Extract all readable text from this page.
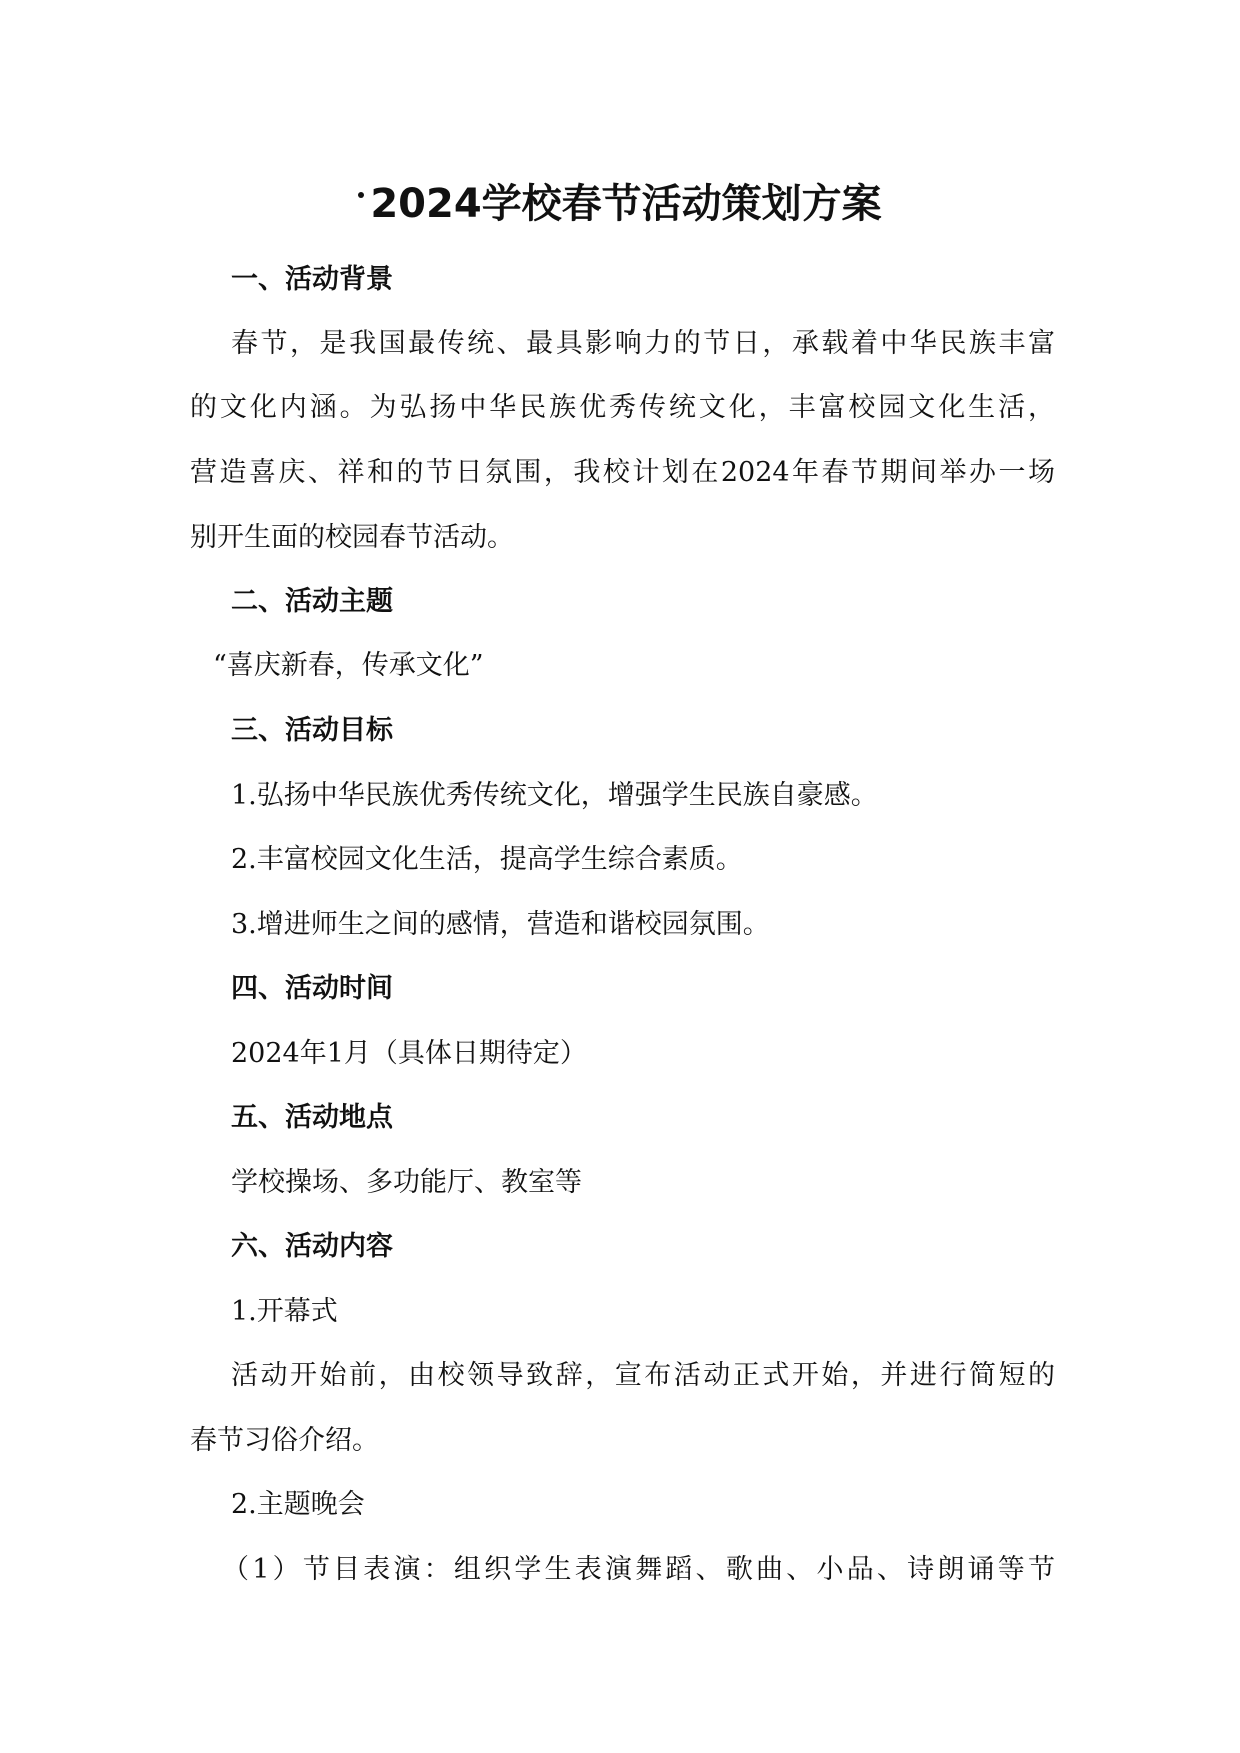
2024学校春节活动策划方案
一、活动背景
春节，是我国最传统、最具影响力的节日，承载着中华民族丰富
的文化内涵。为弘扬中华民族优秀传统文化，丰富校园文化生活，
营造喜庆、祥和的节日氛围，我校计划在2024年春节期间举办一场
别开生面的校园春节活动。
二、活动主题
“喜庆新春，传承文化”
三、活动目标
1.弘扬中华民族优秀传统文化，增强学生民族自豪感。
2.丰富校园文化生活，提高学生综合素质。
3.增进师生之间的感情，营造和谐校园氛围。
四、活动时间
2024年1月（具体日期待定）
五、活动地点
学校操场、多功能厅、教室等
六、活动内容
1.开幕式
活动开始前，由校领导致辞，宣布活动正式开始，并进行简短的
春节习俗介绍。
2.主题晚会
（1）节目表演：组织学生表演舞蹈、歌曲、小品、诗朗诵等节
